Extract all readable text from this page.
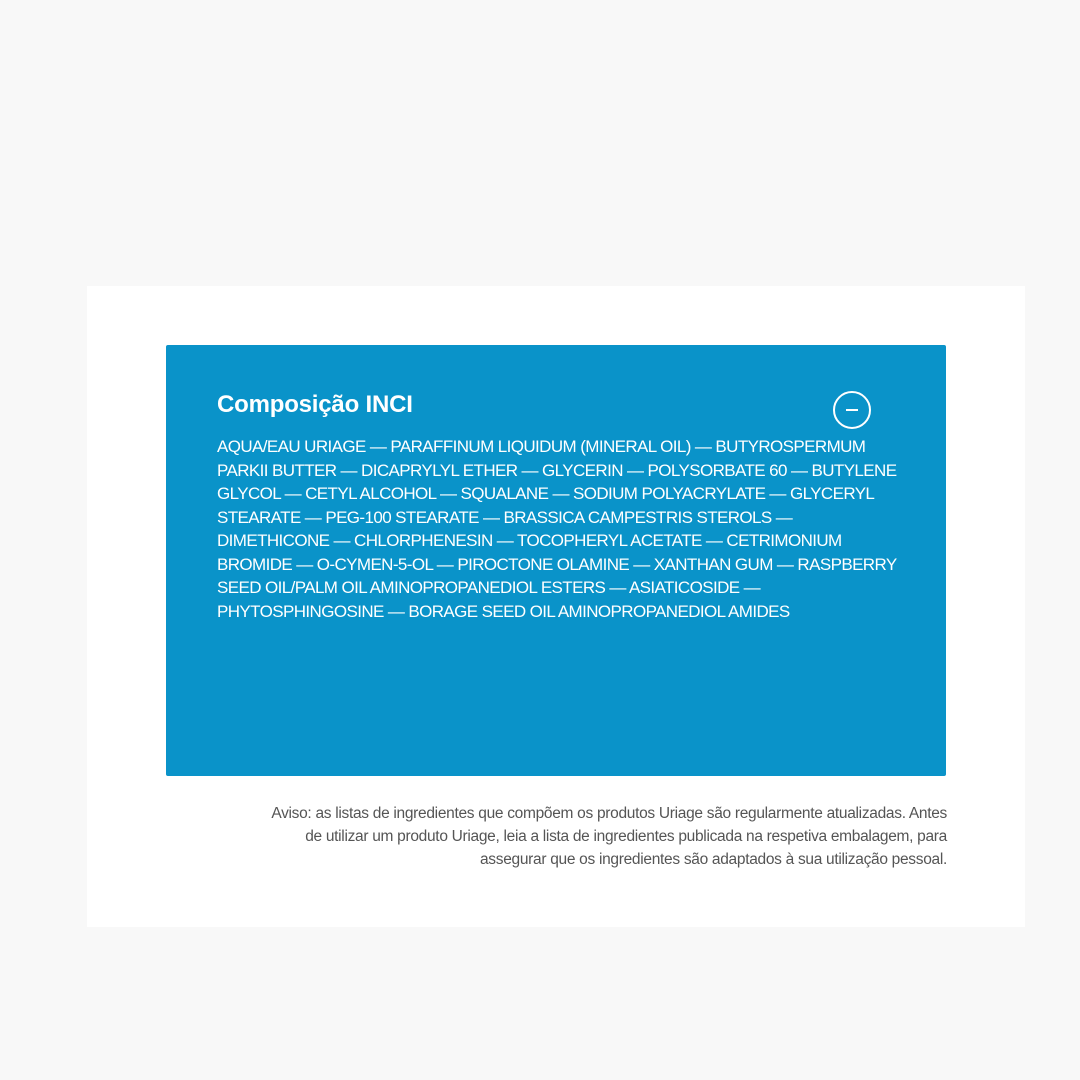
Composição INCI

AQUA/EAU URIAGE — PARAFFINUM LIQUIDUM (MINERAL OIL) — BUTYROSPERMUM PARKII BUTTER — DICAPRYLYL ETHER — GLYCERIN — POLYSORBATE 60 — BUTYLENE GLYCOL — CETYL ALCOHOL — SQUALANE — SODIUM POLYACRYLATE — GLYCERYL STEARATE — PEG-100 STEARATE — BRASSICA CAMPESTRIS STEROLS — DIMETHICONE — CHLORPHENESIN — TOCOPHERYL ACETATE — CETRIMONIUM BROMIDE — O-CYMEN-5-OL — PIROCTONE OLAMINE — XANTHAN GUM — RASPBERRY SEED OIL/PALM OIL AMINOPROPANEDIOL ESTERS — ASIATICOSIDE — PHYTOSPHINGOSINE — BORAGE SEED OIL AMINOPROPANEDIOL AMIDES

Aviso: as listas de ingredientes que compõem os produtos Uriage são regularmente atualizadas. Antes de utilizar um produto Uriage, leia a lista de ingredientes publicada na respetiva embalagem, para assegurar que os ingredientes são adaptados à sua utilização pessoal.
